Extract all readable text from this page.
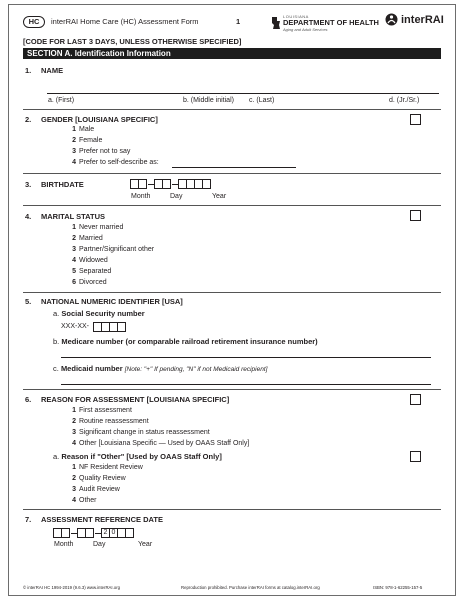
HC	interRAI Home Care (HC) Assessment Form	1
LOUISIANA
DEPARTMENT OF HEALTH
Aging and Adult Services
interRAI
[CODE FOR LAST 3 DAYS, UNLESS OTHERWISE SPECIFIED]
SECTION A. Identification Information
1. NAME
a. (First)	b. (Middle initial) c. (Last)	d. (Jr./Sr.)
2. GENDER [LOUISIANA SPECIFIC]
1 Male
2 Female
3 Prefer not to say
4 Prefer to self-describe as:
3. BIRTHDATE
Month	Day	Year
4. MARITAL STATUS
1 Never married
2 Married
3 Partner/Significant other
4 Widowed
5 Separated
6 Divorced
5. NATIONAL NUMERIC IDENTIFIER [USA]
a. Social Security number
XXX-XX-
b. Medicare number (or comparable railroad retirement insurance number)
c. Medicaid number [Note: "+" If pending, "N" if not Medicaid recipient]
6. REASON FOR ASSESSMENT [LOUISIANA SPECIFIC]
1 First assessment
2 Routine reassessment
3 Significant change in status reassessment
4 Other [Louisiana Specific — Used by OAAS Staff Only]
a. Reason if "Other" [Used by OAAS Staff Only]
1 NF Resident Review
2 Quality Review
3 Audit Review
4 Other
7. ASSESSMENT REFERENCE DATE
2 0
Month	Day	Year
© interRAI HC 1994-2019 (9.6.3) www.interRAI.org	Reproduction prohibited. Purchase interRAI forms at catalog.interRAI.org	ISBN: 978-1-62255-157-5
